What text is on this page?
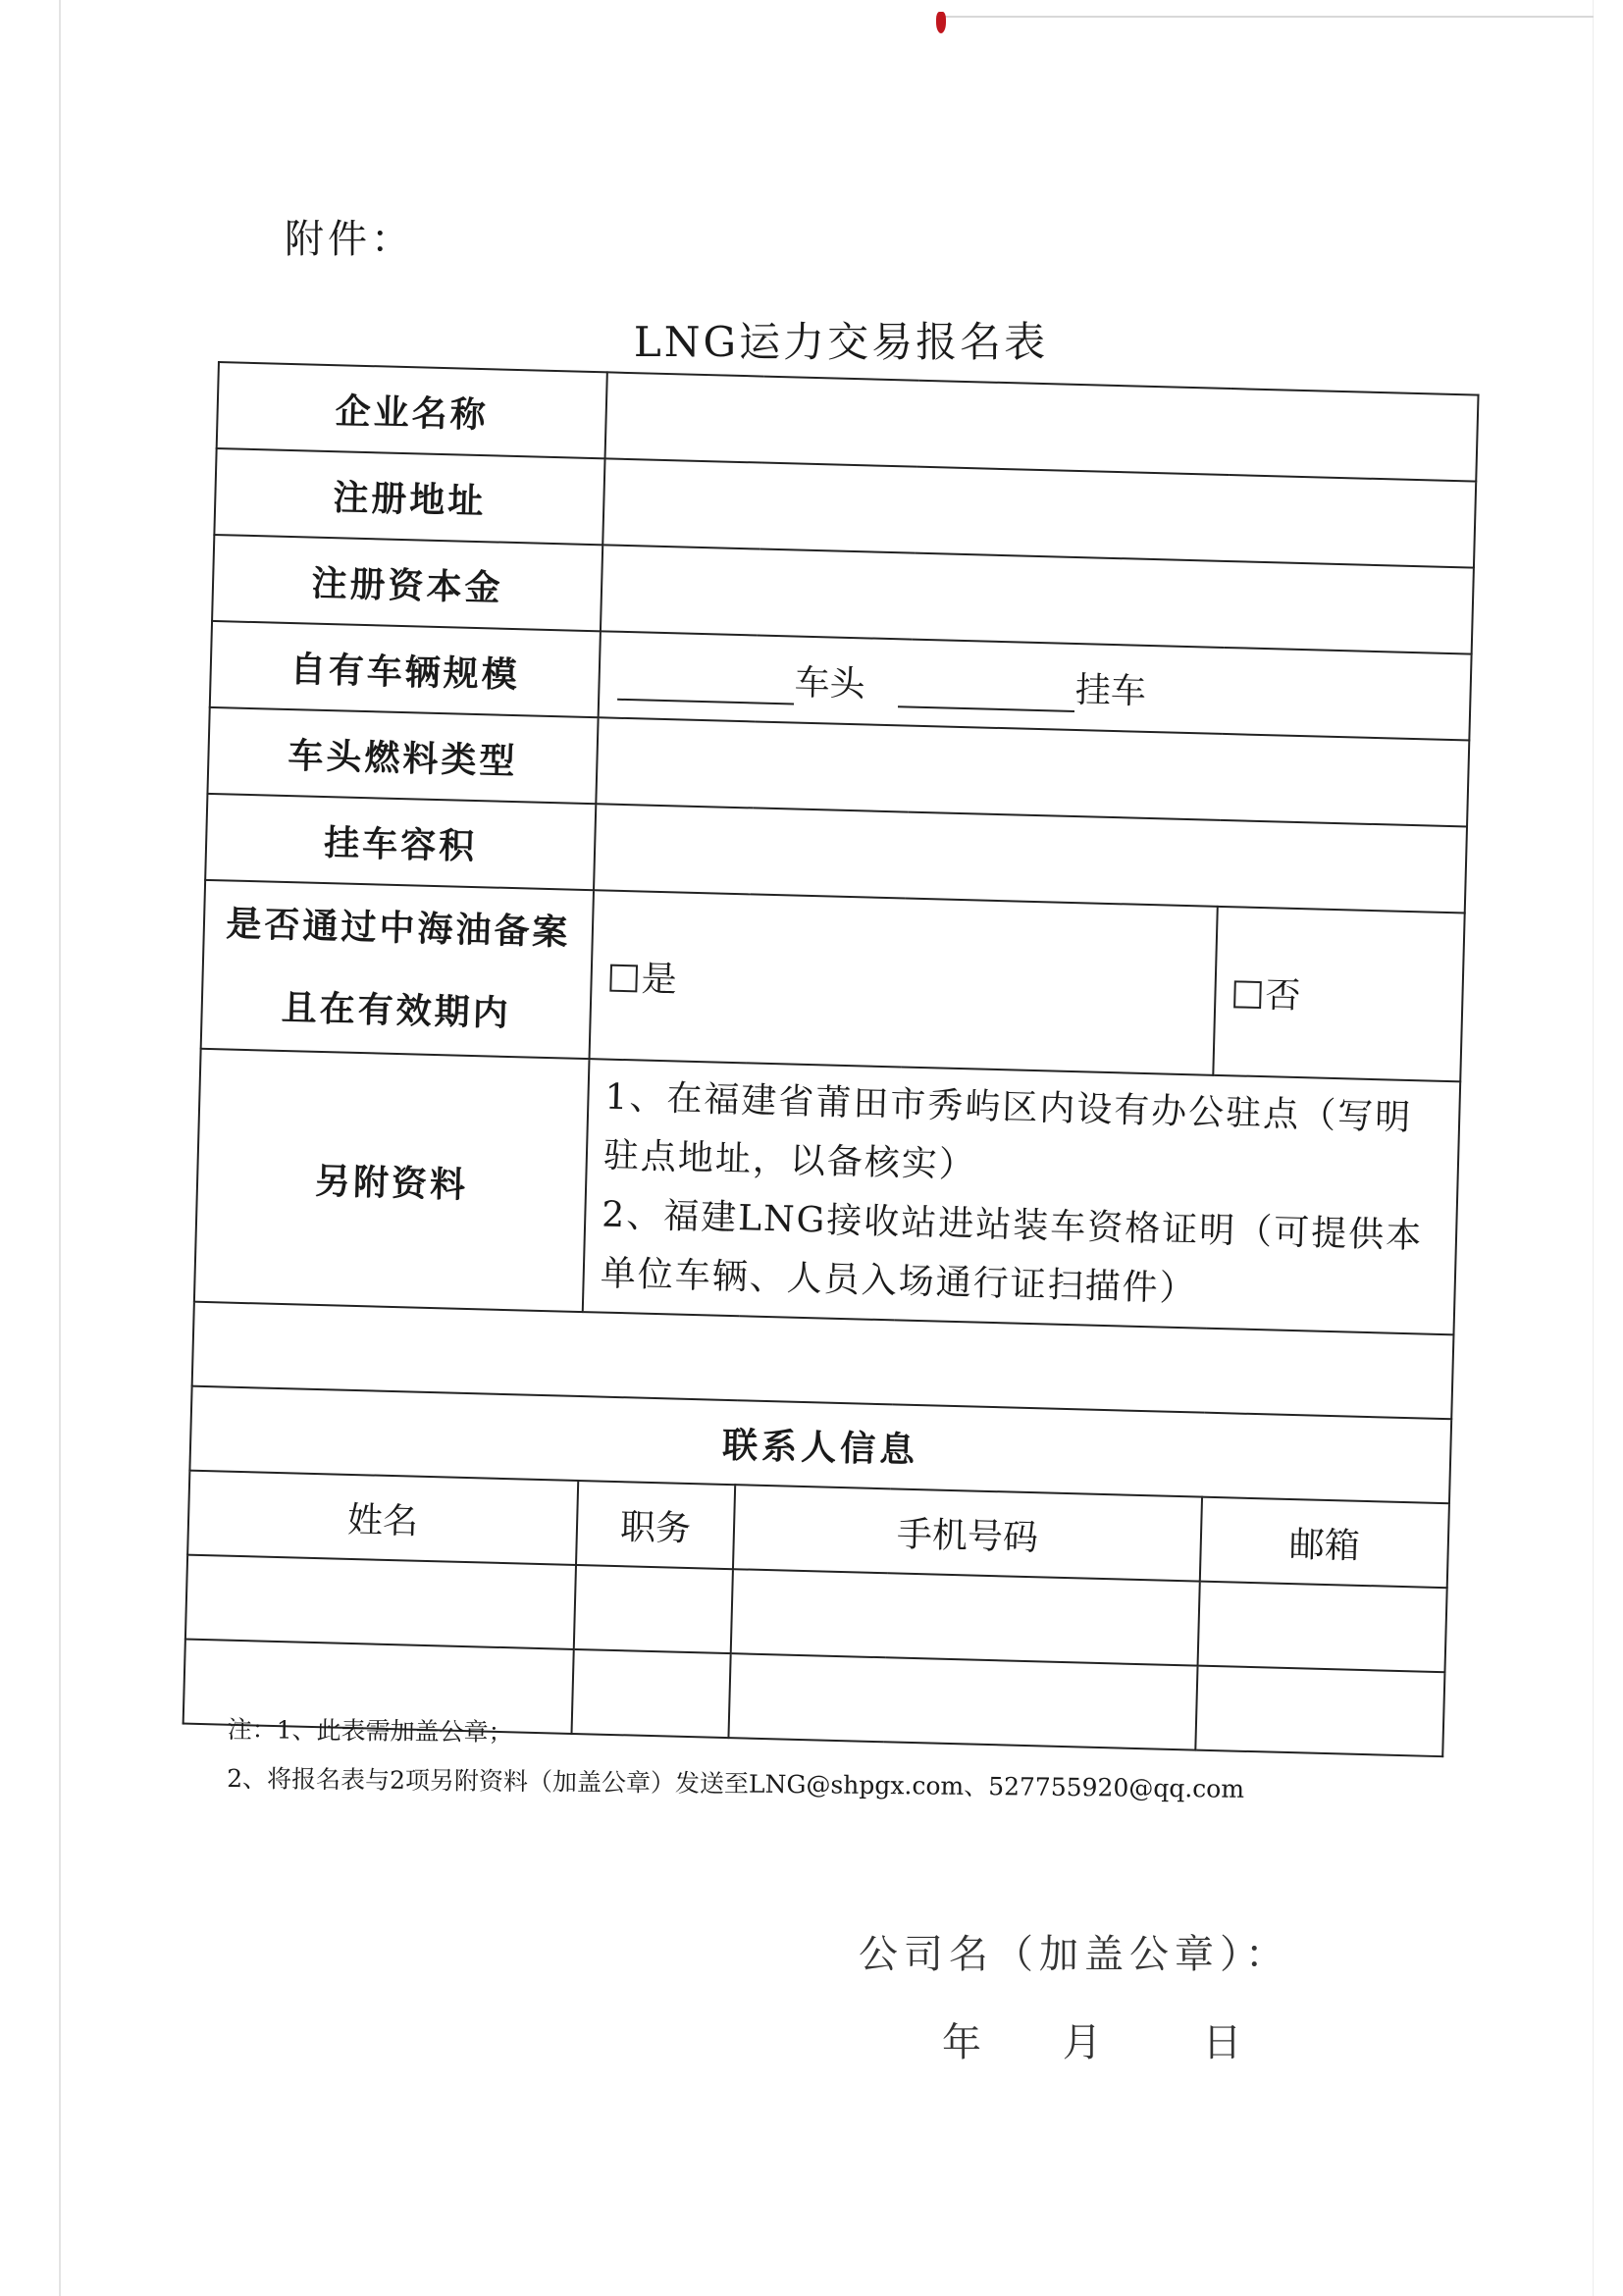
附件：
LNG运力交易报名表
企业名称			
注册地址			
注册资本金			
自有车辆规模	车头 挂车		
车头燃料类型			
挂车容积			

是否通过中海油备案
且在有效期内	是		否
另附资料	1、在福建省莆田市秀屿区内设有办公驻点（写明驻点地址，以备核实）
2、福建LNG接收站进站装车资格证明（可提供本单位车辆、人员入场通行证扫描件）		

联系人信息			
姓名	职务	手机号码	邮箱

注：1、此表需加盖公章；
2、将报名表与2项另附资料（加盖公章）发送至LNG@shpgx.com、527755920@qq.com
公司名（加盖公章）：
年 月	日
